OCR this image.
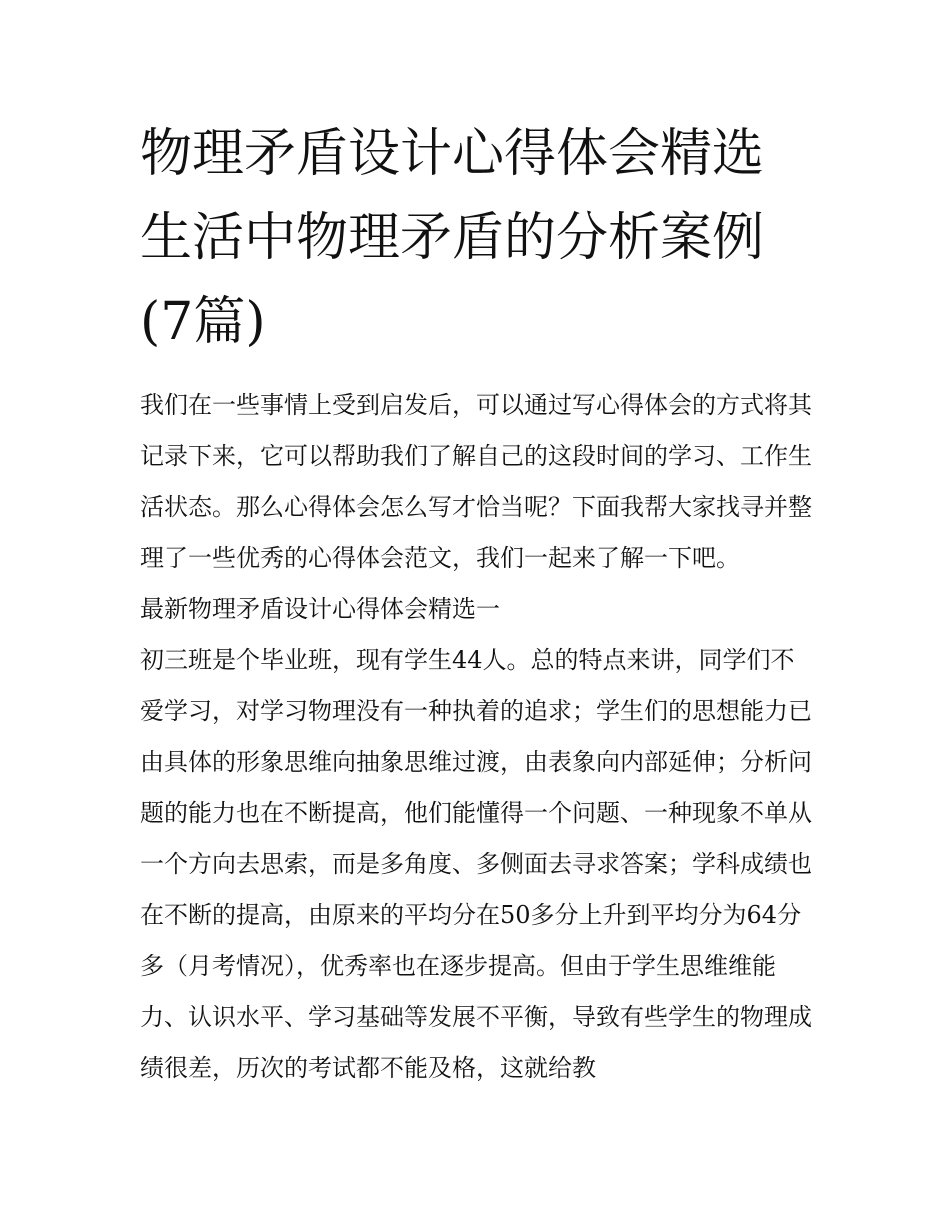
物理矛盾设计心得体会精选 生活中物理矛盾的分析案例(7篇)

我们在一些事情上受到启发后，可以通过写心得体会的方式将其记录下来，它可以帮助我们了解自己的这段时间的学习、工作生活状态。那么心得体会怎么写才恰当呢？下面我帮大家找寻并整理了一些优秀的心得体会范文，我们一起来了解一下吧。

最新物理矛盾设计心得体会精选一

初三班是个毕业班，现有学生44人。总的特点来讲，同学们不爱学习，对学习物理没有一种执着的追求；学生们的思想能力已由具体的形象思维向抽象思维过渡，由表象向内部延伸；分析问题的能力也在不断提高，他们能懂得一个问题、一种现象不单从一个方向去思索，而是多角度、多侧面去寻求答案；学科成绩也在不断的提高，由原来的平均分在50多分上升到平均分为64分多（月考情况），优秀率也在逐步提高。但由于学生思维维能力、认识水平、学习基础等发展不平衡，导致有些学生的物理成绩很差，历次的考试都不能及格，这就给教
